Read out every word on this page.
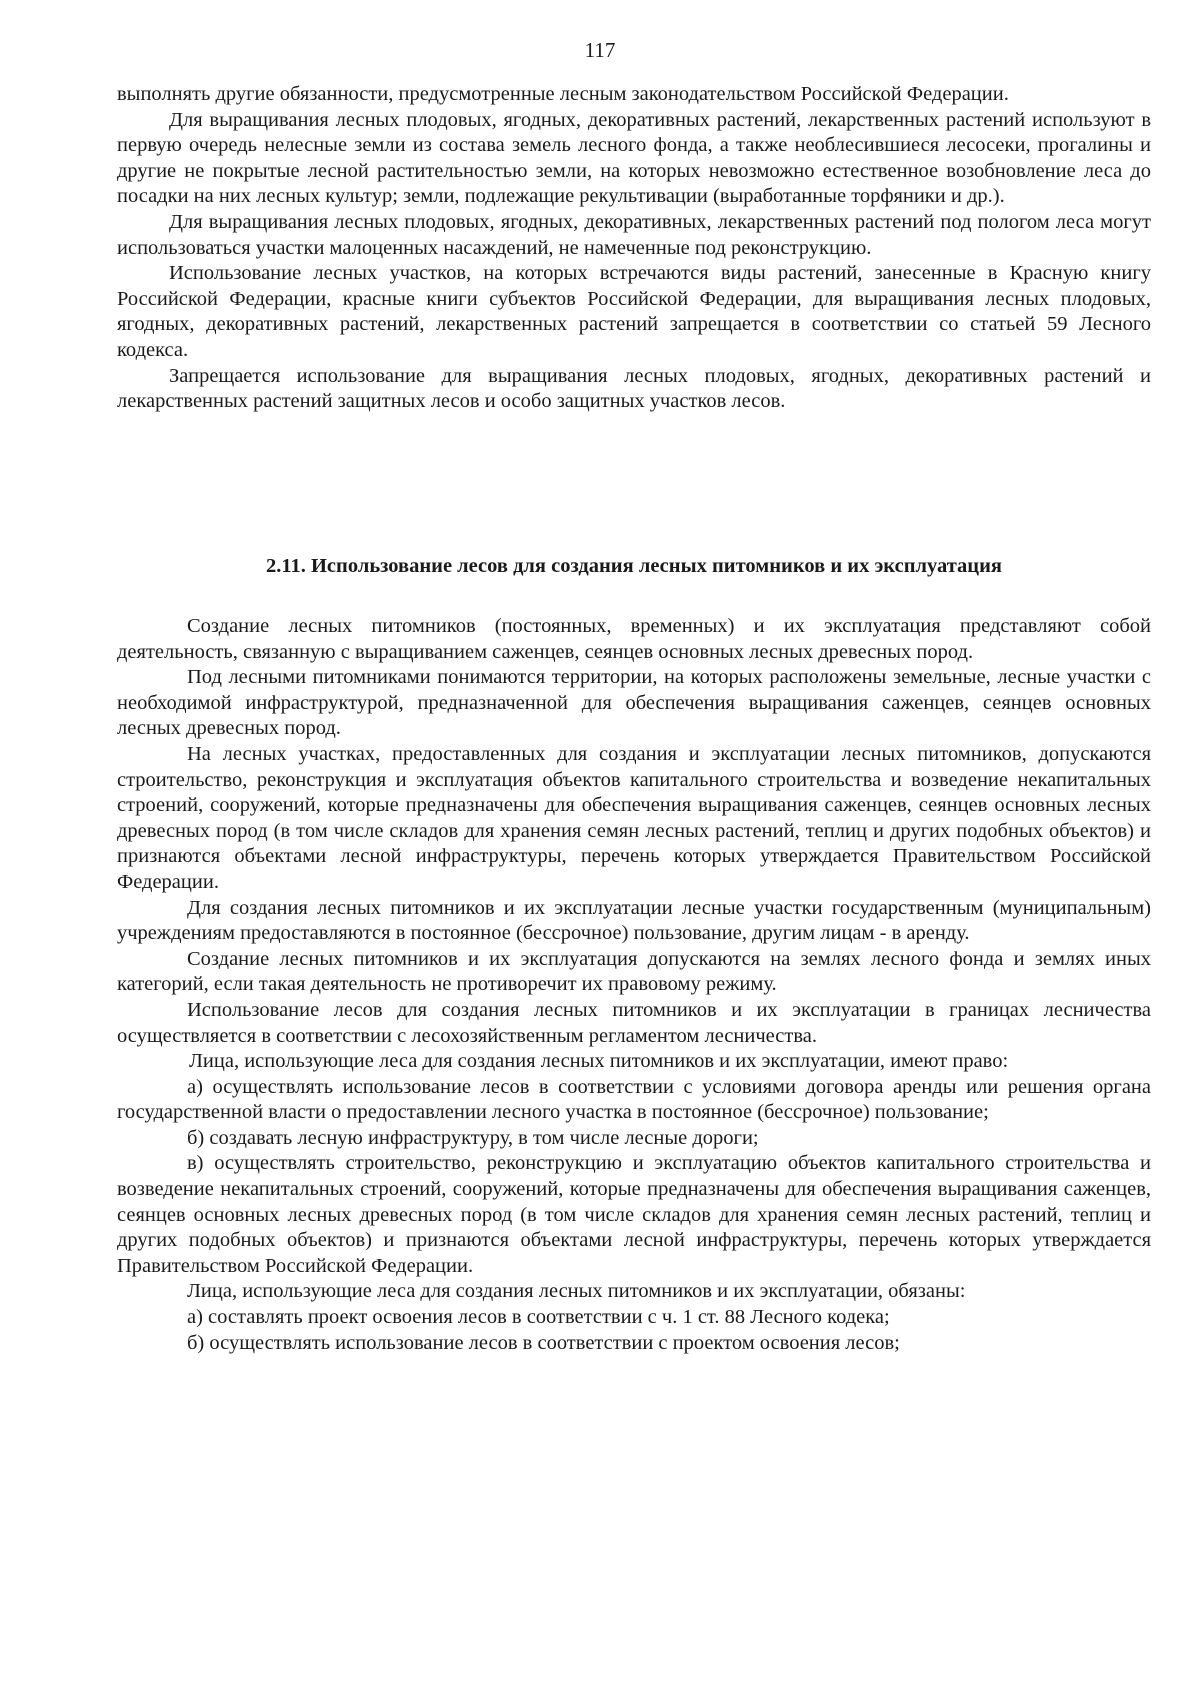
117

выполнять другие обязанности, предусмотренные лесным законодательством Российской Федерации.

Для выращивания лесных плодовых, ягодных, декоративных растений, лекарственных растений используют в первую очередь нелесные земли из состава земель лесного фонда, а также необлесившиеся лесосеки, прогалины и другие не покрытые лесной растительностью земли, на которых невозможно естественное возобновление леса до посадки на них лесных культур; земли, подлежащие рекультивации (выработанные торфяники и др.).

Для выращивания лесных плодовых, ягодных, декоративных, лекарственных растений под пологом леса могут использоваться участки малоценных насаждений, не намеченные под реконструкцию.

Использование лесных участков, на которых встречаются виды растений, занесенные в Красную книгу Российской Федерации, красные книги субъектов Российской Федерации, для выращивания лесных плодовых, ягодных, декоративных растений, лекарственных растений запрещается в соответствии со статьей 59 Лесного кодекса.

Запрещается использование для выращивания лесных плодовых, ягодных, декоративных растений и лекарственных растений защитных лесов и особо защитных участков лесов.

2.11. Использование лесов для создания лесных питомников и их эксплуатация

Создание лесных питомников (постоянных, временных) и их эксплуатация представляют собой деятельность, связанную с выращиванием саженцев, сеянцев основных лесных древесных пород.

Под лесными питомниками понимаются территории, на которых расположены земельные, лесные участки с необходимой инфраструктурой, предназначенной для обеспечения выращивания саженцев, сеянцев основных лесных древесных пород.

На лесных участках, предоставленных для создания и эксплуатации лесных питомников, допускаются строительство, реконструкция и эксплуатация объектов капитального строительства и возведение некапитальных строений, сооружений, которые предназначены для обеспечения выращивания саженцев, сеянцев основных лесных древесных пород (в том числе складов для хранения семян лесных растений, теплиц и других подобных объектов) и признаются объектами лесной инфраструктуры, перечень которых утверждается Правительством Российской Федерации.

Для создания лесных питомников и их эксплуатации лесные участки государственным (муниципальным) учреждениям предоставляются в постоянное (бессрочное) пользование, другим лицам - в аренду.

Создание лесных питомников и их эксплуатация допускаются на землях лесного фонда и землях иных категорий, если такая деятельность не противоречит их правовому режиму.

Использование лесов для создания лесных питомников и их эксплуатации в границах лесничества осуществляется в соответствии с лесохозяйственным регламентом лесничества.

Лица, использующие леса для создания лесных питомников и их эксплуатации, имеют право:

а) осуществлять использование лесов в соответствии с условиями договора аренды или решения органа государственной власти о предоставлении лесного участка в постоянное (бессрочное) пользование;

б) создавать лесную инфраструктуру, в том числе лесные дороги;

в) осуществлять строительство, реконструкцию и эксплуатацию объектов капитального строительства и возведение некапитальных строений, сооружений, которые предназначены для обеспечения выращивания саженцев, сеянцев основных лесных древесных пород (в том числе складов для хранения семян лесных растений, теплиц и других подобных объектов) и признаются объектами лесной инфраструктуры, перечень которых утверждается Правительством Российской Федерации.

Лица, использующие леса для создания лесных питомников и их эксплуатации, обязаны:

а) составлять проект освоения лесов в соответствии с ч. 1 ст. 88 Лесного кодека;

б) осуществлять использование лесов в соответствии с проектом освоения лесов;
